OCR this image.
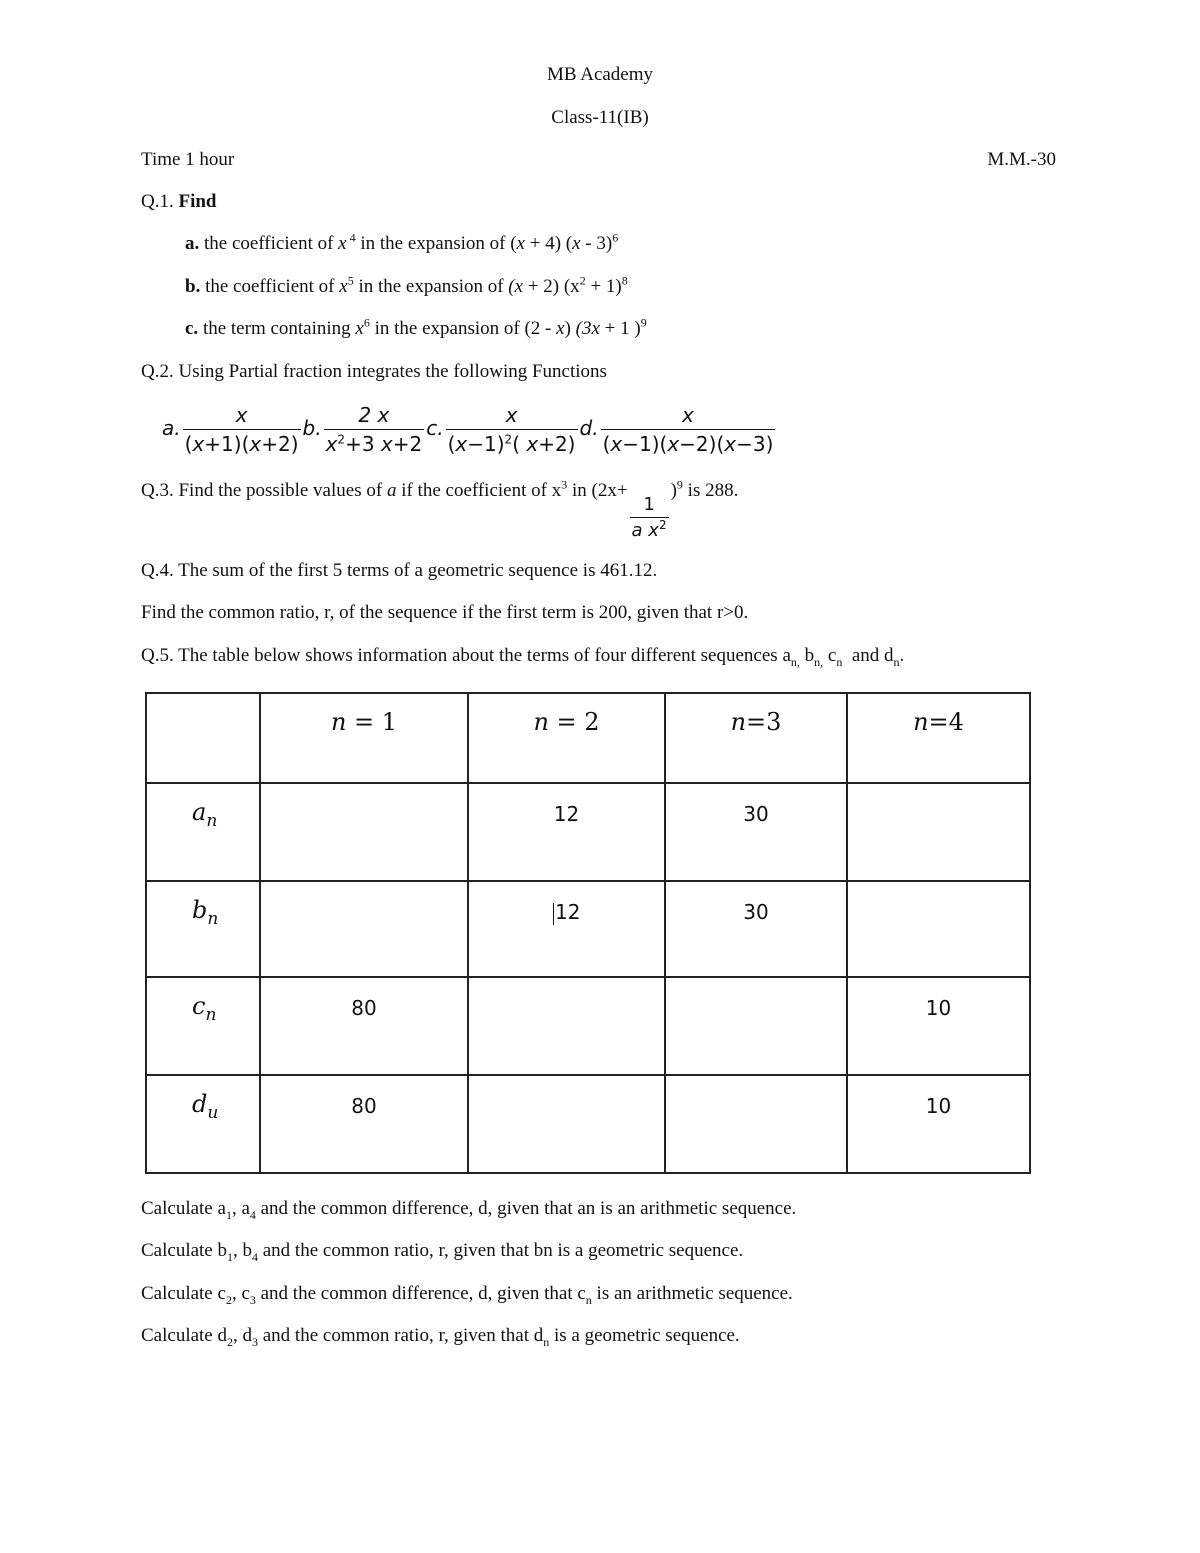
MB Academy
Class-11(IB)
Time 1 hour	M.M.-30
Q.1. Find
a. the coefficient of x $^4$ in the expansion of (x + 4) (x - 3)$^6$
b. the coefficient of $x^5$ in the expansion of (x + 2) $(x^2 + 1)^8$
c. the term containing $x^6$ in the expansion of (2 - x) (3x + 1 )$^9$
Q.2. Using Partial fraction integrates the following Functions
a. $\frac{x}{(x+1)(x+2)} b$. $\frac{2 x}{x^2+3 x+2} c$. $\frac{x}{(x-1)^2( x+2)} d$. $\frac{x}{(x-1)(x-2)(x-3)}$
Q.3. Find the possible values of a if the coefficient of $x^3$ in (2x+
$\frac{1}{a x^2}$
)$^9$ is 288.
Q.4. The sum of the first 5 terms of a geometric sequence is 461.12.
Find the common ratio, r, of the sequence if the first term is 200, given that r>0.
Q.5. The table below shows information about the terms of four different sequences $a_{n,}$ $b_{n,}$ $c_n$  and $d_n$.
	n = 1	n = 2	n=3	n=4
$a_n$		12	30	
$b_n$		12	30	
$c_n$	80			10
$d_u$	80			10
Calculate $a_1$, $a_4$ and the common difference, d, given that an is an arithmetic sequence.
Calculate $b_1$, $b_4$ and the common ratio, r, given that bn is a geometric sequence.
Calculate $c_2$, $c_3$ and the common difference, d, given that $c_n$ is an arithmetic sequence.
Calculate $d_2$, $d_3$ and the common ratio, r, given that $d_n$ is a geometric sequence.
